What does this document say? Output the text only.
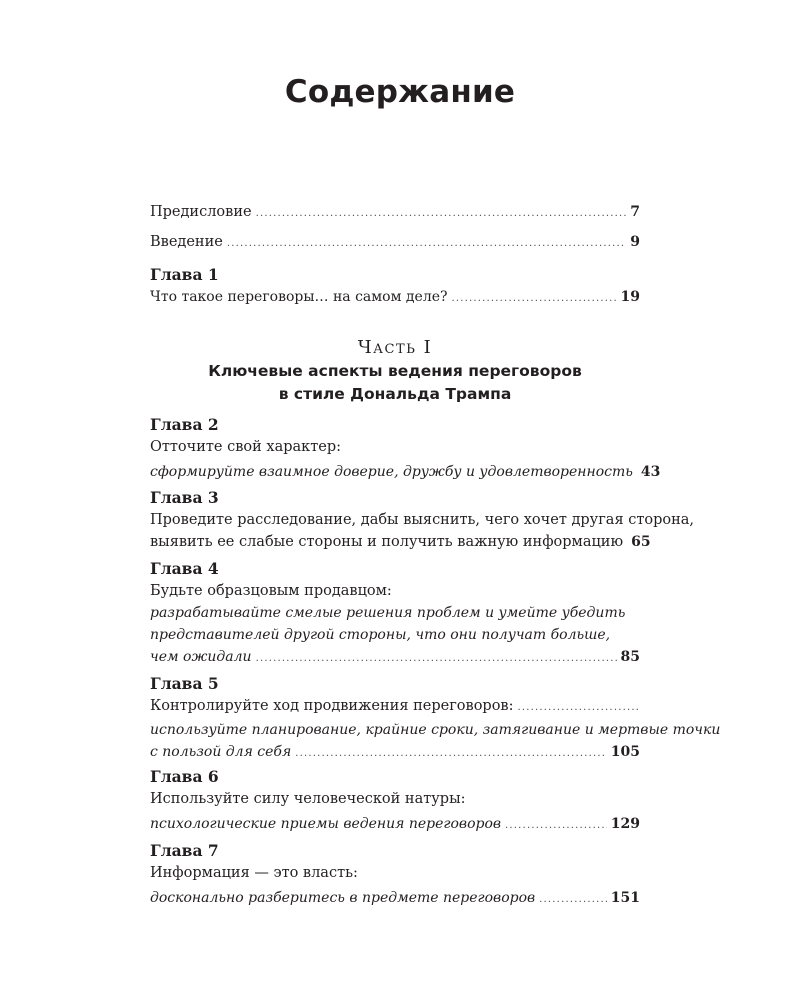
Содержание
Предисловие .....	7
Введение .....	9
Глава 1
Что такое переговоры… на самом деле? .....	19
Часть I
Ключевые аспекты ведения переговоров
в стиле Дональда Трампа
Глава 2
Отточите свой характер:
сформируйте взаимное доверие, дружбу и удовлетворенность 43
Глава 3
Проведите расследование, дабы выяснить, чего хочет другая сторона,
выявить ее слабые стороны и получить важную информацию 65
Глава 4
Будьте образцовым продавцом:
разрабатывайте смелые решения проблем и умейте убедить
представителей другой стороны, что они получат больше,
чем ожидали .....	85
Глава 5
Контролируйте ход продвижения переговоров:
.....
используйте планирование, крайние сроки, затягивание и мертвые точки
с пользой для себя .....	105
Глава 6
Используйте силу человеческой натуры:
психологические приемы ведения переговоров .....	129
Глава 7
Информация — это власть:
досконально разберитесь в предмете переговоров .....	151
